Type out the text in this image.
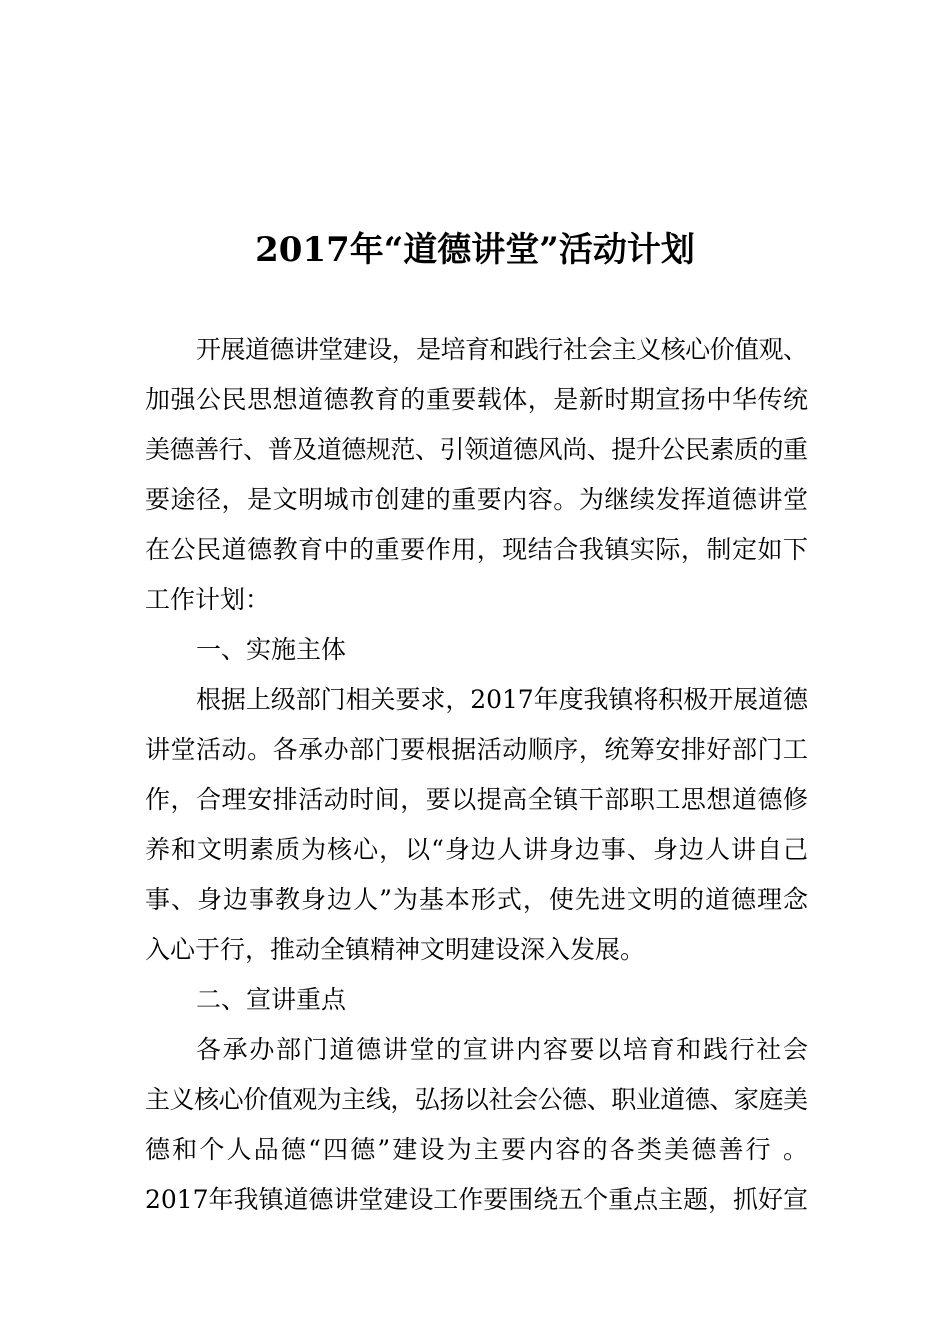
2017年“道德讲堂”活动计划
开展道德讲堂建设，是培育和践行社会主义核心价值观、
加强公民思想道德教育的重要载体，是新时期宣扬中华传统
美德善行、普及道德规范、引领道德风尚、提升公民素质的重
要途径，是文明城市创建的重要内容。为继续发挥道德讲堂
在公民道德教育中的重要作用，现结合我镇实际，制定如下
工作计划：
一、实施主体
根据上级部门相关要求，2017年度我镇将积极开展道德
讲堂活动。各承办部门要根据活动顺序，统筹安排好部门工
作，合理安排活动时间，要以提高全镇干部职工思想道德修
养和文明素质为核心，以“身边人讲身边事、身边人讲自己
事、身边事教身边人”为基本形式，使先进文明的道德理念
入心于行，推动全镇精神文明建设深入发展。
二、宣讲重点
各承办部门道德讲堂的宣讲内容要以培育和践行社会
主义核心价值观为主线，弘扬以社会公德、职业道德、家庭美
德和个人品德“四德”建设为主要内容的各类美德善行 。
2017年我镇道德讲堂建设工作要围绕五个重点主题，抓好宣
